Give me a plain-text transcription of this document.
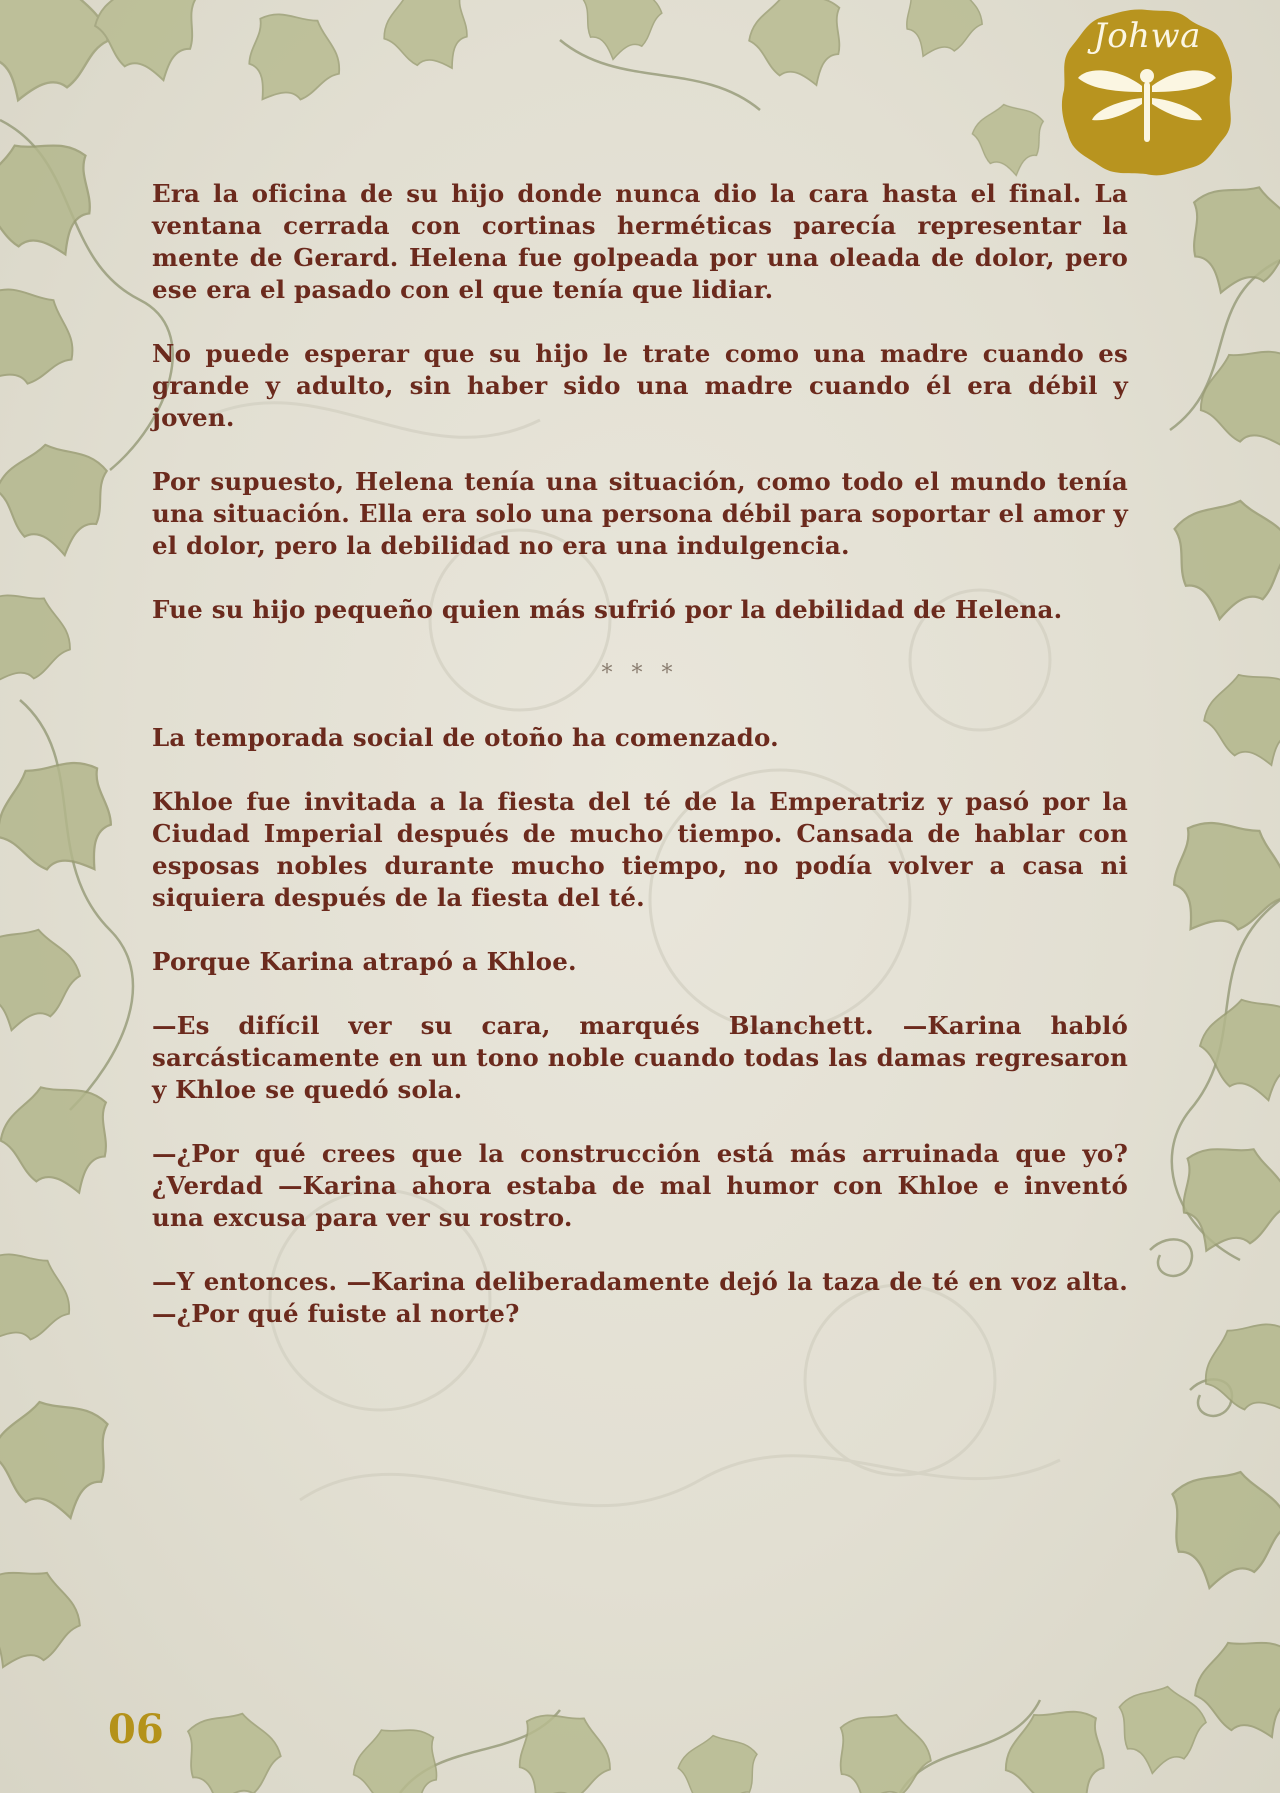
Johwa

Era la oficina de su hijo donde nunca dio la cara hasta el final. La ventana cerrada con cortinas herméticas parecía representar la mente de Gerard. Helena fue golpeada por una oleada de dolor, pero ese era el pasado con el que tenía que lidiar.

No puede esperar que su hijo le trate como una madre cuando es grande y adulto, sin haber sido una madre cuando él era débil y joven.

Por supuesto, Helena tenía una situación, como todo el mundo tenía una situación. Ella era solo una persona débil para soportar el amor y el dolor, pero la debilidad no era una indulgencia.

Fue su hijo pequeño quien más sufrió por la debilidad de Helena.

* * *

La temporada social de otoño ha comenzado.

Khloe fue invitada a la fiesta del té de la Emperatriz y pasó por la Ciudad Imperial después de mucho tiempo. Cansada de hablar con esposas nobles durante mucho tiempo, no podía volver a casa ni siquiera después de la fiesta del té.

Porque Karina atrapó a Khloe.

—Es difícil ver su cara, marqués Blanchett. —Karina habló sarcásticamente en un tono noble cuando todas las damas regresaron y Khloe se quedó sola.

—¿Por qué crees que la construcción está más arruinada que yo? ¿Verdad —Karina ahora estaba de mal humor con Khloe e inventó una excusa para ver su rostro.

—Y entonces. —Karina deliberadamente dejó la taza de té en voz alta. —¿Por qué fuiste al norte?

06
